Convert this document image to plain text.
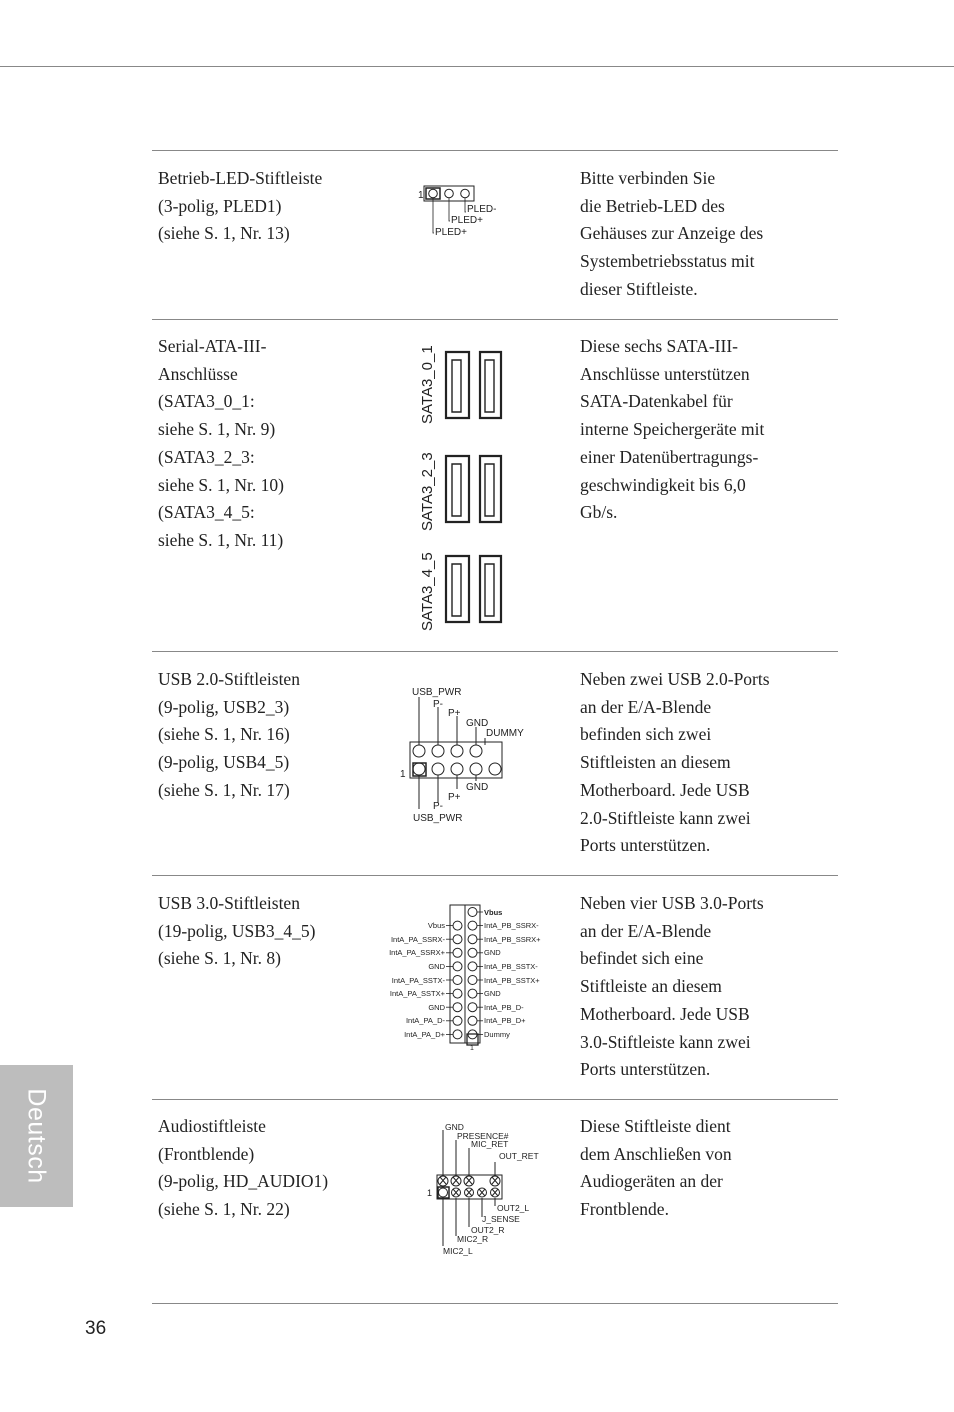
Betrieb-LED-Stiftleiste
(3-polig, PLED1)
(siehe S. 1, Nr. 13)
Bitte verbinden Sie
die Betrieb-LED des
Gehäuses zur Anzeige des
Systembetriebsstatus mit
dieser Stiftleiste.
1
PLED-
PLED+
PLED+
Serial-ATA-III-
Anschlüsse
(SATA3_0_1:
siehe S. 1, Nr. 9)
(SATA3_2_3:
siehe S. 1, Nr. 10)
(SATA3_4_5:
siehe S. 1, Nr. 11)
Diese sechs SATA-III-
Anschlüsse unterstützen
SATA-Datenkabel für
interne Speichergeräte mit
einer Datenübertragungs-
geschwindigkeit bis 6,0
Gb/s.
SATA3_0_1
SATA3_2_3
SATA3_4_5
USB 2.0-Stiftleisten
(9-polig, USB2_3)
(siehe S. 1, Nr. 16)
(9-polig, USB4_5)
(siehe S. 1, Nr. 17)
Neben zwei USB 2.0-Ports
an der E/A-Blende
befinden sich zwei
Stiftleisten an diesem
Motherboard. Jede USB
2.0-Stiftleiste kann zwei
Ports unterstützen.
USB_PWR
P-
P+
GND
DUMMY
1
GND
P+
P-
USB_PWR
USB 3.0-Stiftleisten
(19-polig, USB3_4_5)
(siehe S. 1, Nr. 8)
Neben vier USB 3.0-Ports
an der E/A-Blende
befindet sich eine
Stiftleiste an diesem
Motherboard. Jede USB
3.0-Stiftleiste kann zwei
Ports unterstützen.
1
Vbus
IntA_PB_SSRX-
IntA_PB_SSRX+
GND
IntA_PB_SSTX-
IntA_PB_SSTX+
GND
IntA_PB_D-
IntA_PB_D+
Dummy
Vbus
IntA_PA_SSRX-
IntA_PA_SSRX+
GND
IntA_PA_SSTX-
IntA_PA_SSTX+
GND
IntA_PA_D-
IntA_PA_D+
Audiostiftleiste
(Frontblende)
(9-polig, HD_AUDIO1)
(siehe S. 1, Nr. 22)
Diese Stiftleiste dient
dem Anschließen von
Audiogeräten an der
Frontblende.
GND
PRESENCE#
MIC_RET
OUT_RET
1
OUT2_L
J_SENSE
OUT2_R
MIC2_R
MIC2_L
Deutsch
36
